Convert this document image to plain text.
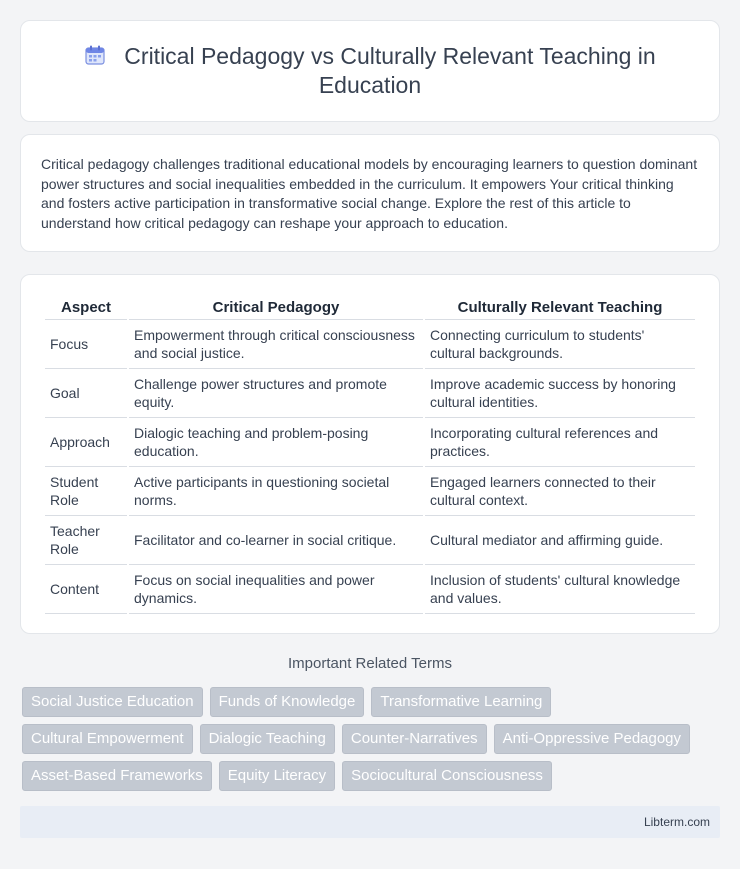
Critical Pedagogy vs Culturally Relevant Teaching in Education

Critical pedagogy challenges traditional educational models by encouraging learners to question dominant power structures and social inequalities embedded in the curriculum. It empowers Your critical thinking and fosters active participation in transformative social change. Explore the rest of this article to understand how critical pedagogy can reshape your approach to education.

Aspect	Critical Pedagogy	Culturally Relevant Teaching
Focus	Empowerment through critical consciousness and social justice.	Connecting curriculum to students' cultural backgrounds.
Goal	Challenge power structures and promote equity.	Improve academic success by honoring cultural identities.
Approach	Dialogic teaching and problem-posing education.	Incorporating cultural references and practices.
Student Role	Active participants in questioning societal norms.	Engaged learners connected to their cultural context.
Teacher Role	Facilitator and co-learner in social critique.	Cultural mediator and affirming guide.
Content	Focus on social inequalities and power dynamics.	Inclusion of students' cultural knowledge and values.
Important Related Terms
Social Justice Education	Funds of Knowledge	Transformative Learning
Cultural Empowerment	Dialogic Teaching	Counter-Narratives	Anti-Oppressive Pedagogy
Asset-Based Frameworks	Equity Literacy	Sociocultural Consciousness
Libterm.com
